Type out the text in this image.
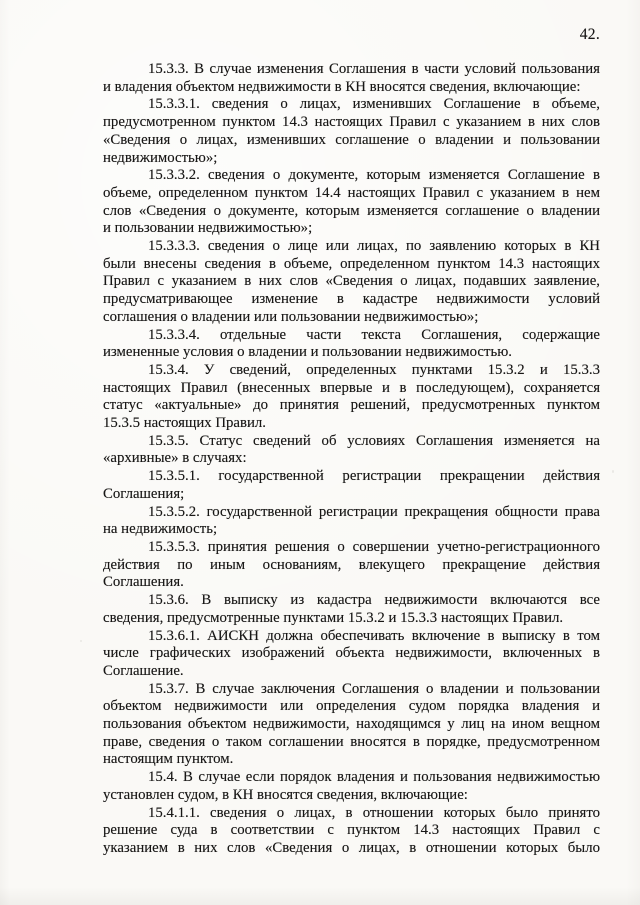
42.
15.3.3. В случае изменения Соглашения в части условий пользования
и владения объектом недвижимости в КН вносятся сведения, включающие:
15.3.3.1. сведения о лицах, изменивших Соглашение в объеме,
предусмотренном пунктом 14.3 настоящих Правил с указанием в них слов
«Сведения о лицах, изменивших соглашение о владении и пользовании
недвижимостью»;
15.3.3.2. сведения о документе, которым изменяется Соглашение в
объеме, определенном пунктом 14.4 настоящих Правил с указанием в нем
слов «Сведения о документе, которым изменяется соглашение о владении
и пользовании недвижимостью»;
15.3.3.3. сведения о лице или лицах, по заявлению которых в КН
были внесены сведения в объеме, определенном пунктом 14.3 настоящих
Правил с указанием в них слов «Сведения о лицах, подавших заявление,
предусматривающее изменение в кадастре недвижимости условий
соглашения о владении или пользовании недвижимостью»;
15.3.3.4. отдельные части текста Соглашения, содержащие
измененные условия о владении и пользовании недвижимостью.
15.3.4. У сведений, определенных пунктами 15.3.2 и 15.3.3
настоящих Правил (внесенных впервые и в последующем), сохраняется
статус «актуальные» до принятия решений, предусмотренных пунктом
15.3.5 настоящих Правил.
15.3.5. Статус сведений об условиях Соглашения изменяется на
«архивные» в случаях:
15.3.5.1. государственной регистрации прекращении действия
Соглашения;
15.3.5.2. государственной регистрации прекращения общности права
на недвижимость;
15.3.5.3. принятия решения о совершении учетно-регистрационного
действия по иным основаниям, влекущего прекращение действия
Соглашения.
15.3.6. В выписку из кадастра недвижимости включаются все
сведения, предусмотренные пунктами 15.3.2 и 15.3.3 настоящих Правил.
15.3.6.1. АИСКН должна обеспечивать включение в выписку в том
числе графических изображений объекта недвижимости, включенных в
Соглашение.
15.3.7. В случае заключения Соглашения о владении и пользовании
объектом недвижимости или определения судом порядка владения и
пользования объектом недвижимости, находящимся у лиц на ином вещном
праве, сведения о таком соглашении вносятся в порядке, предусмотренном
настоящим пунктом.
15.4. В случае если порядок владения и пользования недвижимостью
установлен судом, в КН вносятся сведения, включающие:
15.4.1.1. сведения о лицах, в отношении которых было принято
решение суда в соответствии с пунктом 14.3 настоящих Правил с
указанием в них слов «Сведения о лицах, в отношении которых было
